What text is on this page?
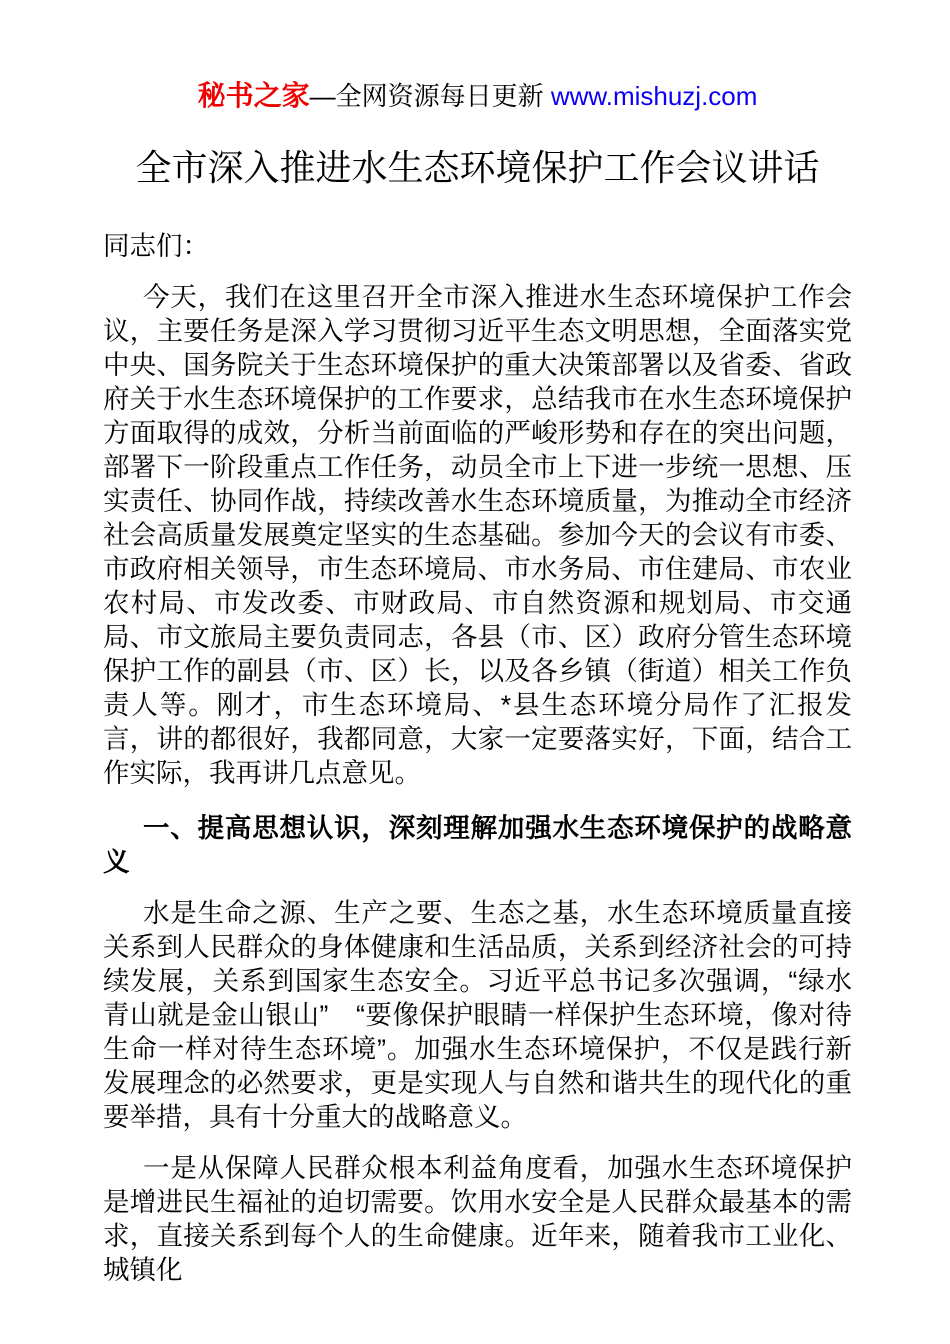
秘书之家—全网资源每日更新 www.mishuzj.com
全市深入推进水生态环境保护工作会议讲话

同志们：

今天，我们在这里召开全市深入推进水生态环境保护工作会议，主要任务是深入学习贯彻习近平生态文明思想，全面落实党中央、国务院关于生态环境保护的重大决策部署以及省委、省政府关于水生态环境保护的工作要求，总结我市在水生态环境保护方面取得的成效，分析当前面临的严峻形势和存在的突出问题，部署下一阶段重点工作任务，动员全市上下进一步统一思想、压实责任、协同作战，持续改善水生态环境质量，为推动全市经济社会高质量发展奠定坚实的生态基础。参加今天的会议有市委、市政府相关领导，市生态环境局、市水务局、市住建局、市农业农村局、市发改委、市财政局、市自然资源和规划局、市交通局、市文旅局主要负责同志，各县（市、区）政府分管生态环境保护工作的副县（市、区）长，以及各乡镇（街道）相关工作负责人等。刚才，市生态环境局、*县生态环境分局作了汇报发言，讲的都很好，我都同意，大家一定要落实好，下面，结合工作实际，我再讲几点意见。

一、提高思想认识，深刻理解加强水生态环境保护的战略意义

水是生命之源、生产之要、生态之基，水生态环境质量直接关系到人民群众的身体健康和生活品质，关系到经济社会的可持续发展，关系到国家生态安全。习近平总书记多次强调，“绿水青山就是金山银山”　“要像保护眼睛一样保护生态环境，像对待生命一样对待生态环境”。加强水生态环境保护，不仅是践行新发展理念的必然要求，更是实现人与自然和谐共生的现代化的重要举措，具有十分重大的战略意义。

一是从保障人民群众根本利益角度看，加强水生态环境保护是增进民生福祉的迫切需要。饮用水安全是人民群众最基本的需求，直接关系到每个人的生命健康。近年来，随着我市工业化、城镇化
